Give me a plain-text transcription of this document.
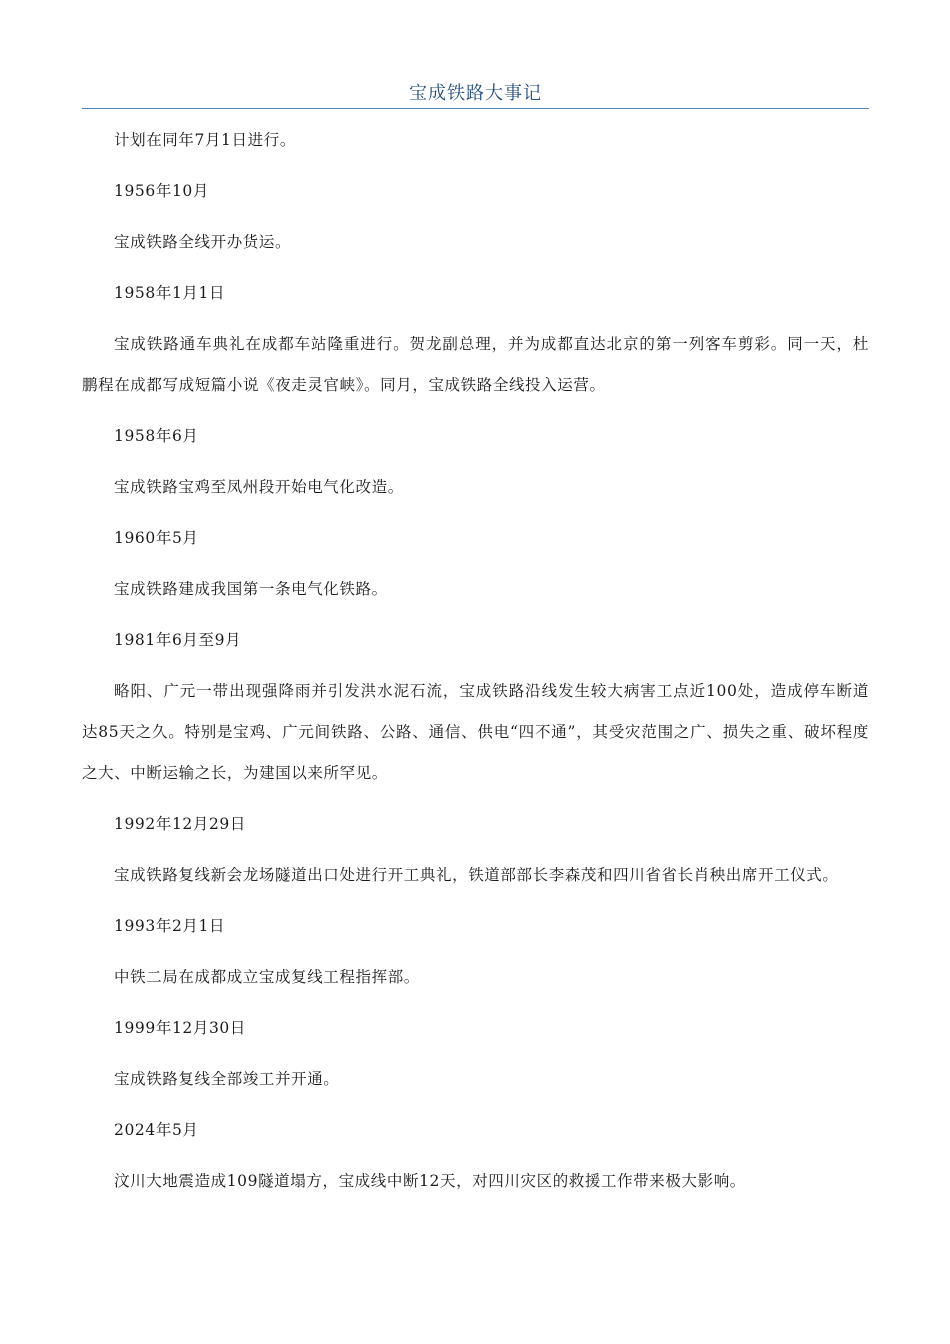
宝成铁路大事记

计划在同年7月1日进行。

1956年10月

宝成铁路全线开办货运。

1958年1月1日

宝成铁路通车典礼在成都车站隆重进行。贺龙副总理，并为成都直达北京的第一列客车剪彩。同一天，杜鹏程在成都写成短篇小说《夜走灵官峡》。同月，宝成铁路全线投入运营。

1958年6月

宝成铁路宝鸡至凤州段开始电气化改造。

1960年5月

宝成铁路建成我国第一条电气化铁路。

1981年6月至9月

略阳、广元一带出现强降雨并引发洪水泥石流，宝成铁路沿线发生较大病害工点近100处，造成停车断道达85天之久。特别是宝鸡、广元间铁路、公路、通信、供电“四不通”，其受灾范围之广、损失之重、破坏程度之大、中断运输之长，为建国以来所罕见。

1992年12月29日

宝成铁路复线新会龙场隧道出口处进行开工典礼，铁道部部长李森茂和四川省省长肖秧出席开工仪式。

1993年2月1日

中铁二局在成都成立宝成复线工程指挥部。

1999年12月30日

宝成铁路复线全部竣工并开通。

2024年5月

汶川大地震造成109隧道塌方，宝成线中断12天，对四川灾区的救援工作带来极大影响。
